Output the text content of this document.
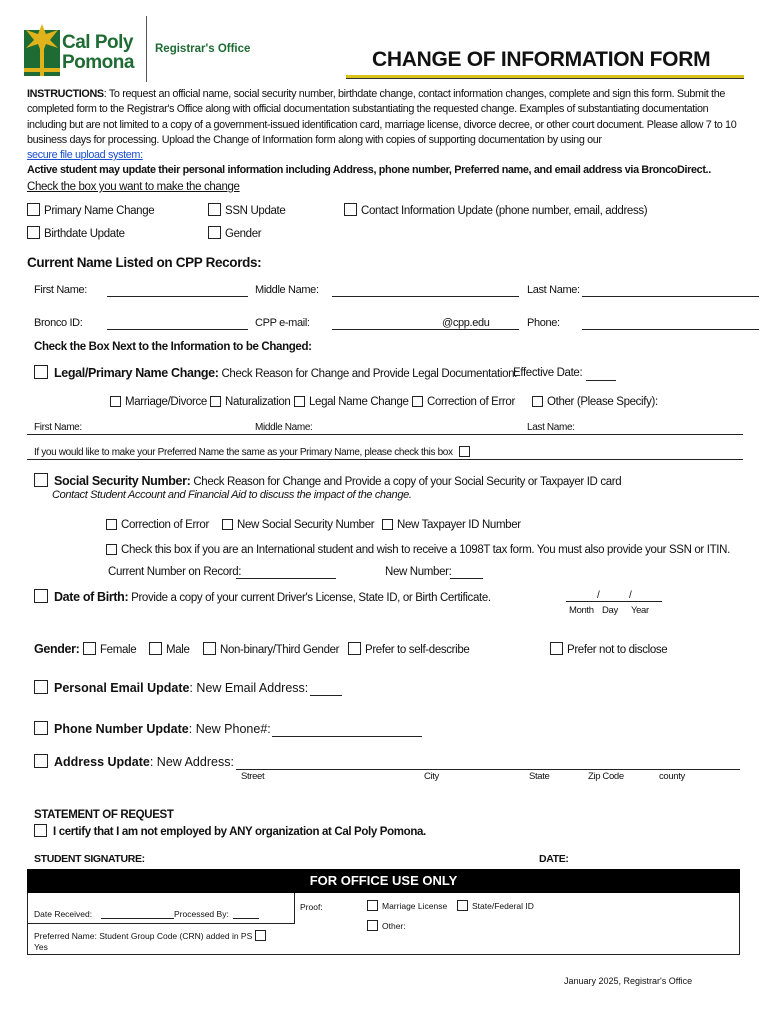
Cal Poly
Pomona
Registrar's Office	CHANGE OF INFORMATION FORM
INSTRUCTIONS: To request an official name, social security number, birthdate change, contact information changes, complete and sign this form. Submit the completed form to the Registrar's Office along with official documentation substantiating the requested change. Examples of substantiating documentation including but are not limited to a copy of a government-issued identification card, marriage license, divorce decree, or other court document. Please allow 7 to 10 business days for processing. Upload the Change of Information form along with copies of supporting documentation by using our
secure file upload system:
Active student may update their personal information including Address, phone number, Preferred name, and email address via BroncoDirect..
Check the box you want to make the change
Primary Name Change	SSN Update	Contact Information Update (phone number, email, address)
Birthdate Update	Gender
Current Name Listed on CPP Records:
First Name:	Middle Name:	Last Name:
Bronco ID:	CPP e-mail:	@cpp.edu	Phone:
Check the Box Next to the Information to be Changed:
Legal/Primary Name Change: Check Reason for Change and Provide Legal Documentation:
Effective Date:
Marriage/Divorce	Naturalization	Legal Name Change	Correction of Error	Other (Please Specify):
First Name:	Middle Name:	Last Name:
If you would like to make your Preferred Name the same as your Primary Name, please check this box
Social Security Number: Check Reason for Change and Provide a copy of your Social Security or Taxpayer ID card
Contact Student Account and Financial Aid to discuss the impact of the change.
Correction of Error	New Social Security Number	New Taxpayer ID Number
Check this box if you are an International student and wish to receive a 1098T tax form. You must also provide your SSN or ITIN.
Current Number on Record:	New Number:
Date of Birth: Provide a copy of your current Driver's License, State ID, or Birth Certificate.	/	/
Month Day Year
Gender:	Female	Male	Non-binary/Third Gender	Prefer to self-describe	Prefer not to disclose
Personal Email Update: New Email Address:
Phone Number Update: New Phone#:
Address Update: New Address:
Street	City	State	Zip Code	county
STATEMENT OF REQUEST
I certify that I am not employed by ANY organization at Cal Poly Pomona.
STUDENT SIGNATURE:	DATE:
FOR OFFICE USE ONLY
Date Received:	Processed By:
Preferred Name: Student Group Code (CRN) added in PS
Yes
Proof:	Marriage License	State/Federal ID
Other:
January 2025, Registrar's Office
